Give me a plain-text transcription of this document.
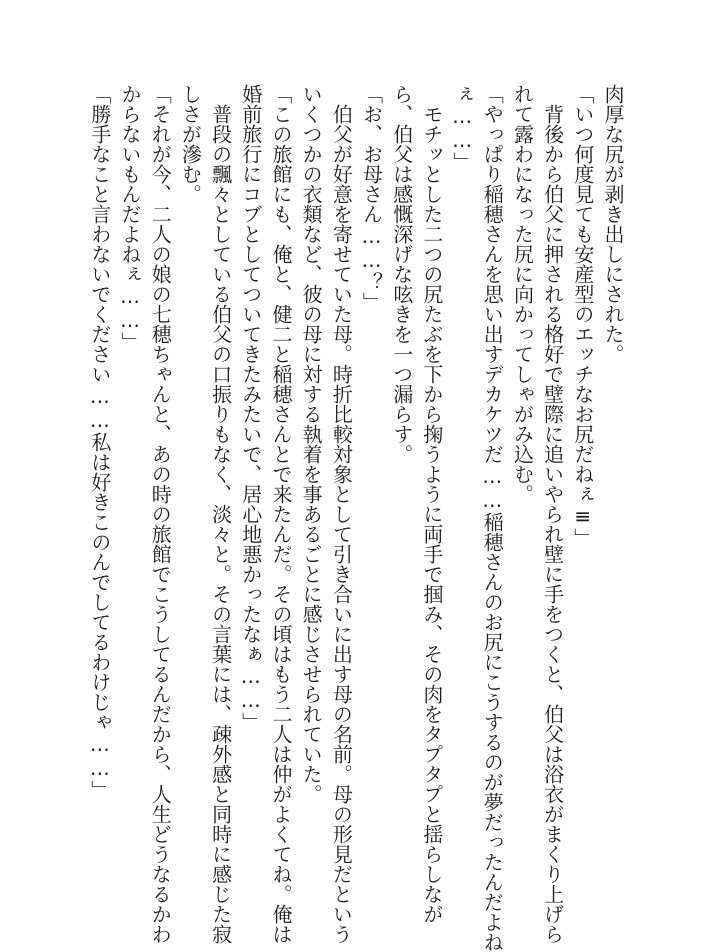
肉厚な尻が剥き出しにされた。
「いつ何度見ても安産型のエッチなお尻だねぇ≡」
　背後から伯父に押される格好で壁際に追いやられ壁に手をつくと、伯父は浴衣がまくり上げら
れて露わになった尻に向かってしゃがみ込む。
「やっぱり稲穂さんを思い出すデカケツだ……稲穂さんのお尻にこうするのが夢だったんだよね
ぇ……」
　モチッとした二つの尻たぶを下から掬うように両手で掴み、その肉をタプタプと揺らしなが
ら、伯父は感慨深げな呟きを一つ漏らす。
「お、お母さん……？」
　伯父が好意を寄せていた母。時折比較対象として引き合いに出す母の名前。母の形見だという
いくつかの衣類など、彼の母に対する執着を事あるごとに感じさせられていた。
「この旅館にも、俺と、健二と稲穂さんとで来たんだ。その頃はもう二人は仲がよくてね。俺は
婚前旅行にコブとしてついてきたみたいで、居心地悪かったなぁ……」
　普段の飄々としている伯父の口振りもなく、淡々と。その言葉には、疎外感と同時に感じた寂
しさが滲む。
「それが今、二人の娘の七穂ちゃんと、あの時の旅館でこうしてるんだから、人生どうなるかわ
からないもんだよねぇ……」
「勝手なこと言わないでください……私は好きこのんでしてるわけじゃ……」
